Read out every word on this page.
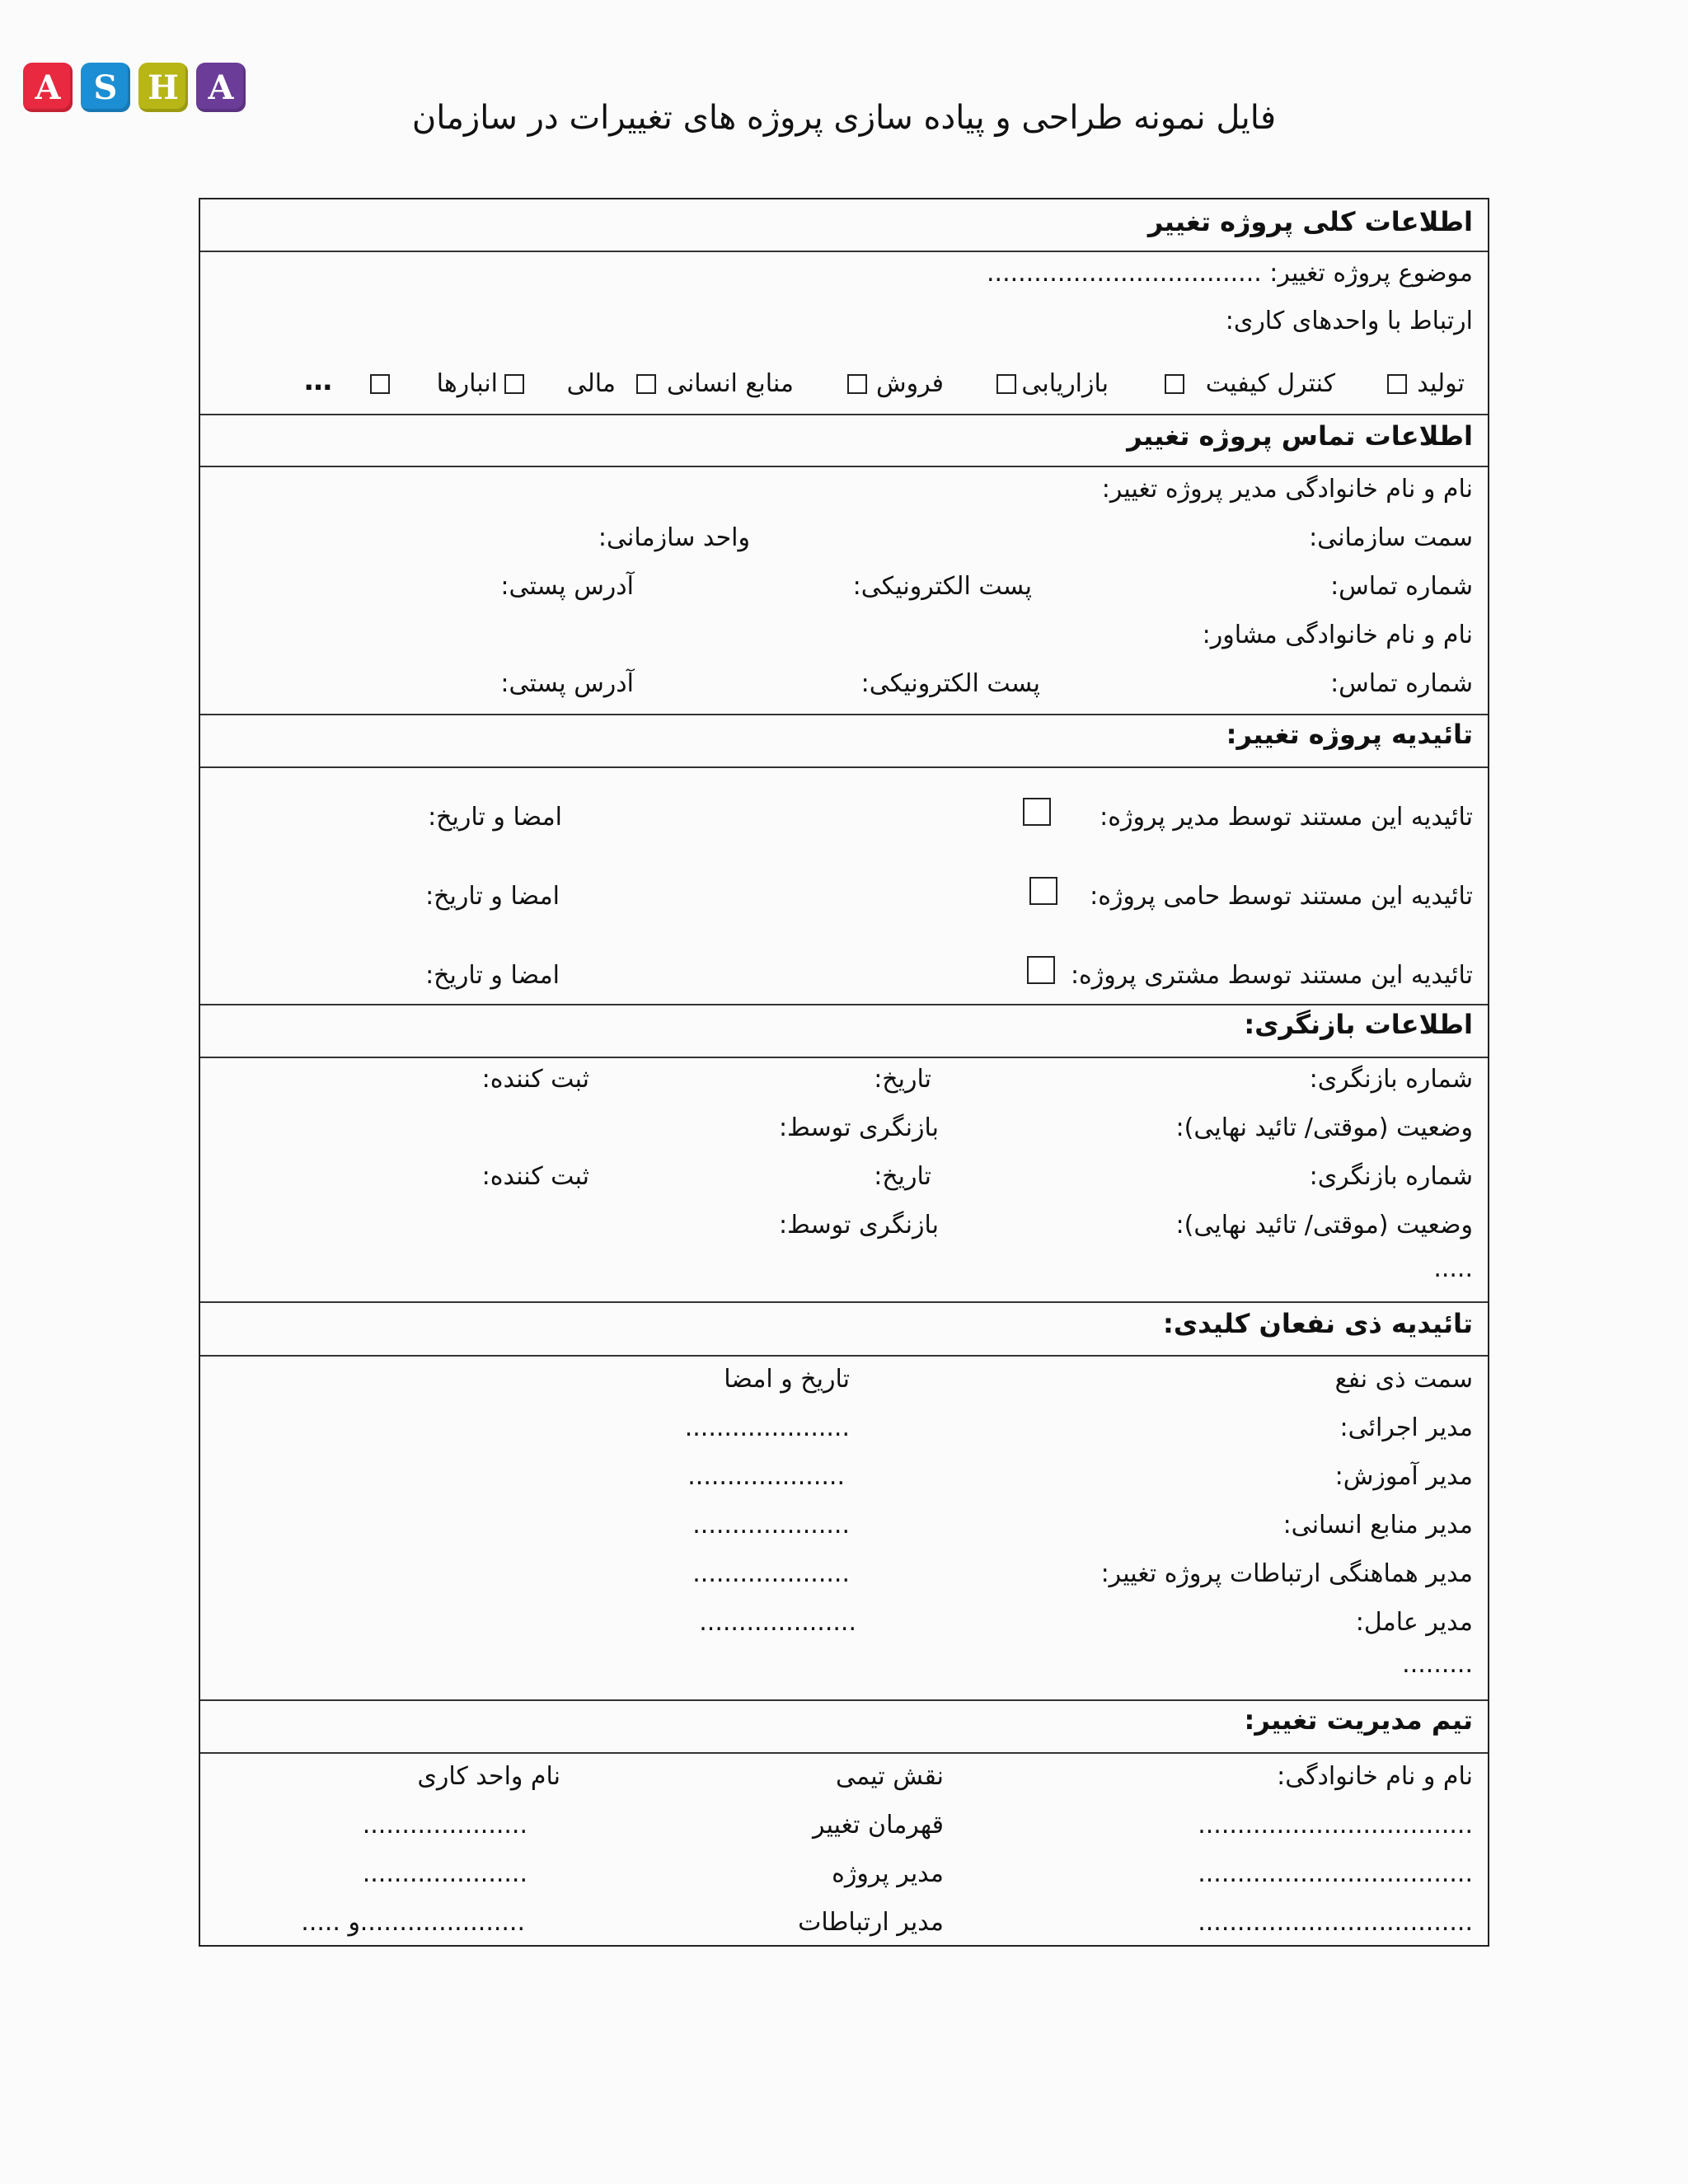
A	S H A
فایل نمونه طراحی و پیاده سازی پروژه های تغییرات در سازمان
اطلاعات کلی پروژه تغییر
موضوع پروژه تغییر: ...................................
ارتباط با واحدهای کاری:
تولید
کنترل کیفیت
بازاریابی
فروش
منابع انسانی
مالی
انبارها
…
اطلاعات تماس پروژه تغییر
نام و نام خانوادگی مدیر پروژه تغییر:
سمت سازمانی:
واحد سازمانی:
شماره تماس:
پست الکترونیکی:
آدرس پستی:
نام و نام خانوادگی مشاور:
شماره تماس:
پست الکترونیکی:
آدرس پستی:
تائیدیه پروژه تغییر:
تائیدیه این مستند توسط مدیر پروژه:
امضا و تاریخ:
تائیدیه این مستند توسط حامی پروژه:
امضا و تاریخ:
تائیدیه این مستند توسط مشتری پروژه:
امضا و تاریخ:
اطلاعات بازنگری:
شماره بازنگری:
تاریخ:
ثبت کننده:
وضعیت (موقتی/ تائید نهایی):
بازنگری توسط:
شماره بازنگری:
تاریخ:
ثبت کننده:
وضعیت (موقتی/ تائید نهایی):
بازنگری توسط:
.....
تائیدیه ذی نفعان کلیدی:
سمت ذی نفع
تاریخ و امضا
مدیر اجرائی:
.....................
مدیر آموزش:
....................
مدیر منابع انسانی:
....................
مدیر هماهنگی ارتباطات پروژه تغییر:
....................
مدیر عامل:
....................
.........
تیم مدیریت تغییر:
نام و نام خانوادگی:
نقش تیمی
نام واحد کاری
...................................
قهرمان تغییر
.....................
...................................
مدیر پروژه
.....................
...................................
مدیر ارتباطات
.....................
و .....
